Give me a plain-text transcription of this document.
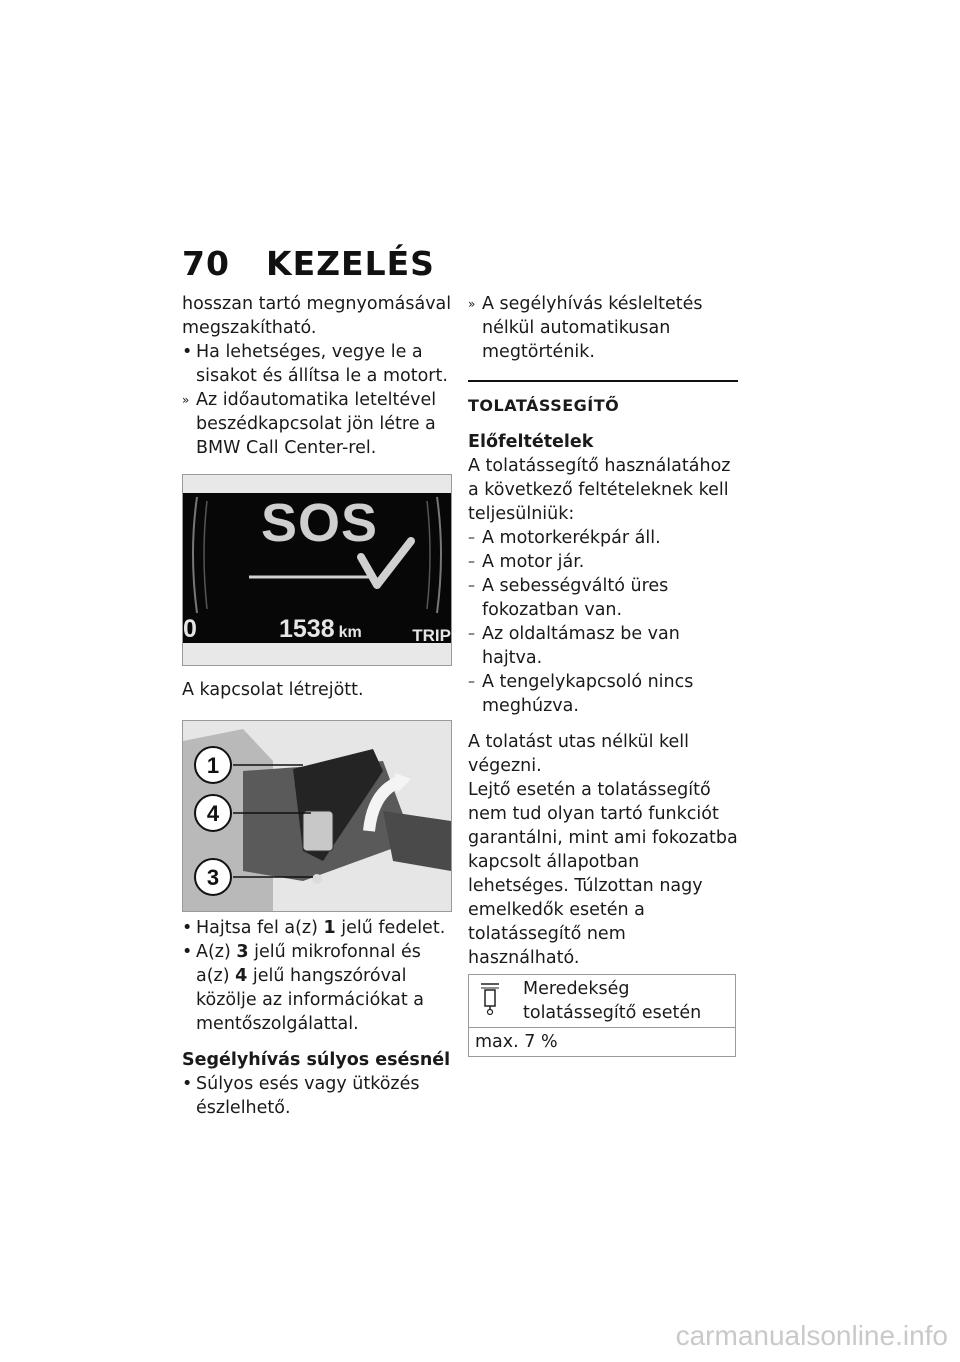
70 KEZELÉS

hosszan tartó megnyomásával megszakítható.

• Ha lehetséges, vegye le a sisakot és állítsa le a motort.
» Az időautomatika leteltével beszédkapcsolat jön létre a BMW Call Center-rel.
SOS
0	1538 km	TRIP

A kapcsolat létrejött.

1
4
3
• Hajtsa fel a(z) 1 jelű fedelet.
• A(z) 3 jelű mikrofonnal és a(z) 4 jelű hangszóróval közölje az információkat a mentőszolgálattal.

Segélyhívás súlyos esésnél

• Súlyos esés vagy ütközés észlelhető.
» A segélyhívás késleltetés nélkül automatikusan megtörténik.

TOLATÁSSEGÍTŐ

Előfeltételek

A tolatássegítő használatához a következő feltételeknek kell teljesülniük:

– A motorkerékpár áll.
– A motor jár.
– A sebességváltó üres fokozatban van.
– Az oldaltámasz be van hajtva.
– A tengelykapcsoló nincs meghúzva.

A tolatást utas nélkül kell végezni.

Lejtő esetén a tolatássegítő nem tud olyan tartó funkciót garantálni, mint ami fokozatba kapcsolt állapotban lehetséges. Túlzottan nagy emelkedők esetén a tolatássegítő nem használható.

	Meredekség tolatássegítő esetén
max. 7 %
carmanualsonline.info
